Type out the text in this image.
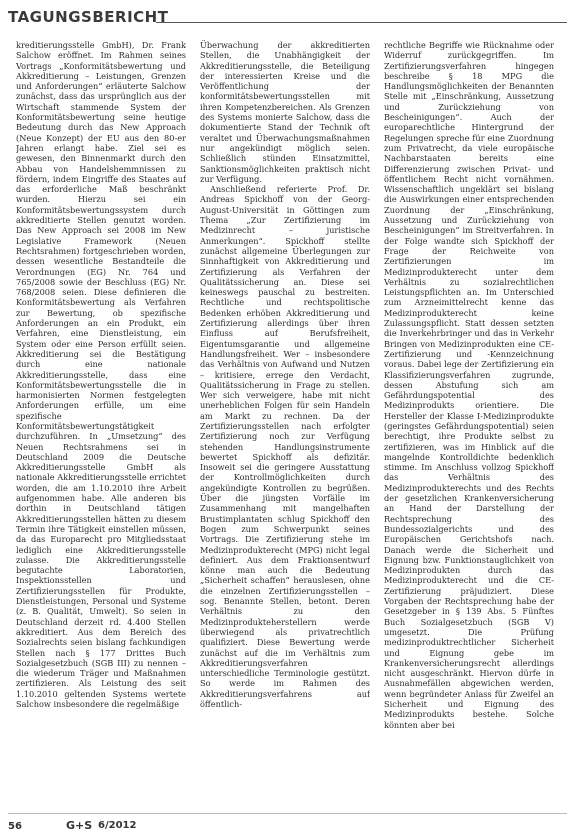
TAGUNGSBERICHT

kreditierungsstelle GmbH), Dr. Frank Salchow eröffnet. Im Rahmen seines Vortrags „Konformitätsbewertung und Akkreditierung – Leistungen, Grenzen und Anforderungen“ erläuterte Salchow zunächst, dass das ursprünglich aus der Wirtschaft stammende System der Konformitätsbewertung seine heutige Bedeutung durch das New Approach (Neue Konzept) der EU aus den 80-er Jahren erlangt habe. Ziel sei es gewesen, den Binnenmarkt durch den Abbau von Handelshemmnissen zu fördern, indem Eingriffe des Staates auf das erforderliche Maß beschränkt wurden. Hierzu sei ein Konformitätsbewertungssystem durch akkreditierte Stellen genutzt worden. Das New Approach sei 2008 im New Legislative Framework (Neuen Rechtsrahmen) fortgeschrieben worden, dessen wesentliche Bestandteile die Verordnungen (EG) Nr. 764 und 765/2008 sowie der Beschluss (EG) Nr. 768/2008 seien. Diese definieren die Konformitätsbewertung als Verfahren zur Bewertung, ob spezifische Anforderungen an ein Produkt, ein Verfahren, eine Dienstleistung, ein System oder eine Person erfüllt seien. Akkreditierung sei die Bestätigung durch eine nationale Akkreditierungsstelle, dass eine Konformitätsbewertungsstelle die in harmonisierten Normen festgelegten Anforderungen erfülle, um eine spezifische Konformitätsbewertungstätigkeit durchzuführen. In „Umsetzung“ des Neuen Rechtsrahmens sei in Deutschland 2009 die Deutsche Akkreditierungsstelle GmbH als nationale Akkreditierungsstelle errichtet worden, die am 1.10.2010 ihre Arbeit aufgenommen habe. Alle anderen bis dorthin in Deutschland tätigen Akkreditierungsstellen hätten zu diesem Termin ihre Tätigkeit einstellen müssen, da das Europarecht pro Mitgliedsstaat lediglich eine Akkreditierungsstelle zulasse. Die Akkreditierungsstelle begutachte Laboratorien, Inspektionsstellen und Zertifizierungsstellen für Produkte, Dienstleistungen, Personal und Systeme (z. B. Qualität, Umwelt). So seien in Deutschland derzeit rd. 4.400 Stellen akkreditiert. Aus dem Bereich des Sozialrechts seien bislang fachkundigen Stellen nach § 177 Drittes Buch Sozialgesetzbuch (SGB III) zu nennen – die wiederum Träger und Maßnahmen zertifizieren. Als Leistung des seit 1.10.2010 geltenden Systems wertete Salchow insbesondere die regelmäßige

Überwachung der akkreditierten Stellen, die Unabhängigkeit der Akkreditierungsstelle, die Beteiligung der interessierten Kreise und die Veröffentlichung der konformitätsbewertungsstellen mit ihren Kompetenzbereichen. Als Grenzen des Systems monierte Salchow, dass die dokumentierte Stand der Technik oft veraltet und Überwachungsmaßnahmen nur angekündigt möglich seien. Schließlich stünden Einsatzmittel, Sanktionsmöglichkeiten praktisch nicht zur Verfügung.

Anschließend referierte Prof. Dr. Andreas Spickhoff von der Georg-August-Universität in Göttingen zum Thema „Zur Zertifizierung im Medizinrecht – juristische Anmerkungen“. Spickhoff stellte zunächst allgemeine Überlegungen zur Sinnhaftigkeit von Akkreditierung und Zertifizierung als Verfahren der Qualitätssicherung an. Diese sei keineswegs pauschal zu bestreiten. Rechtliche und rechtspolitische Bedenken erhöben Akkreditierung und Zertifizierung allerdings über ihren Einfluss auf Berufsfreiheit, Eigentumsgarantie und allgemeine Handlungsfreiheit. Wer – insbesondere das Verhältnis von Aufwand und Nutzen – kritisiere, errege den Verdacht, Qualitätssicherung in Frage zu stellen. Wer sich verweigere, habe mit nicht unerheblichen Folgen für sein Handeln am Markt zu rechnen. Da der Zertifizierungsstellen nach erfolgter Zertifizierung noch zur Verfügung stehenden Handlungsinstrumente bewertet Spickhoff als defizitär. Insoweit sei die geringere Ausstattung der Kontrollmöglichkeiten durch angekündigte Kontrollen zu begrüßen. Über die jüngsten Vorfälle im Zusammenhang mit mangelhaften Brustimplantaten schlug Spickhoff den Bogen zum Schwerpunkt seines Vortrags. Die Zertifizierung stehe im Medizinprodukterecht (MPG) nicht legal definiert. Aus dem Fraktionsentwurf könne man auch die Bedeutung „Sicherheit schaffen“ herauslesen, ohne die einzelnen Zertifizierungsstellen – sog. Benannte Stellen, betont. Deren Verhältnis zu den Medizinprodukteherstellern werde überwiegend als privatrechtlich qualifiziert. Diese Bewertung werde zunächst auf die im Verhältnis zum Akkreditierungsverfahren unterschiedliche Terminologie gestützt. So werde im Rahmen des Akkreditierungsverfahrens auf öffentlich-

rechtliche Begriffe wie Rücknahme oder Widerruf zurückgegriffen. Im Zertifizierungsverfahren hingegen beschreibe § 18 MPG die Handlungsmöglichkeiten der Benannten Stelle mit „Einschränkung, Aussetzung und Zurückziehung von Bescheinigungen“. Auch der europarechtliche Hintergrund der Regelungen spreche für eine Zuordnung zum Privatrecht, da viele europäische Nachbarstaaten bereits eine Differenzierung zwischen Privat- und öffentlichem Recht nicht vornähmen. Wissenschaftlich ungeklärt sei bislang die Auswirkungen einer entsprechenden Zuordnung der „Einschränkung, Aussetzung und Zurückziehung von Bescheinigungen“ im Streitverfahren. In der Folge wandte sich Spickhoff der Frage der Reichweite von Zertifizierungen im Medizinprodukterecht unter dem Verhältnis zu sozialrechtlichen Leistungspflichten an. Im Unterschied zum Arzneimittelrecht kenne das Medizinprodukterecht keine Zulassungspflicht. Statt dessen setzten die Inverkehrbringer und das in Verkehr Bringen von Medizinprodukten eine CE-Zertifizierung und -Kennzeichnung voraus. Dabei lege der Zertifizierung ein Klassifizierungsverfahren zugrunde, dessen Abstufung sich am Gefährdungspotential des Medizinprodukts orientiere. Die Hersteller der Klasse I-Medizinprodukte (geringstes Gefährdungspotential) seien berechtigt, ihre Produkte selbst zu zertifizieren, was im Hinblick auf die mangelnde Kontrolldichte bedenklich stimme. Im Anschluss vollzog Spickhoff das Verhältnis des Medizinprodukterechts und des Rechts der gesetzlichen Krankenversicherung an Hand der Darstellung der Rechtsprechung des Bundessozialgerichts und des Europäischen Gerichtshofs nach. Danach werde die Sicherheit und Eignung bzw. Funktionstauglichkeit von Medizinprodukten durch das Medizinprodukterecht und die CE-Zertifizierung präjudiziert. Diese Vorgaben der Rechtsprechung habe der Gesetzgeber in § 139 Abs. 5 Fünftes Buch Sozialgesetzbuch (SGB V) umgesetzt. Die Prüfung medizinproduktrechtlicher Sicherheit und Eignung gebe im Krankenversicherungsrecht allerdings nicht ausgeschränkt. Hiervon dürfe in Ausnahmefällen abgewichen werden, wenn begründeter Anlass für Zweifel an Sicherheit und Eignung des Medizinprodukts bestehe. Solche könnten aber bei

56	G+S 6/2012
